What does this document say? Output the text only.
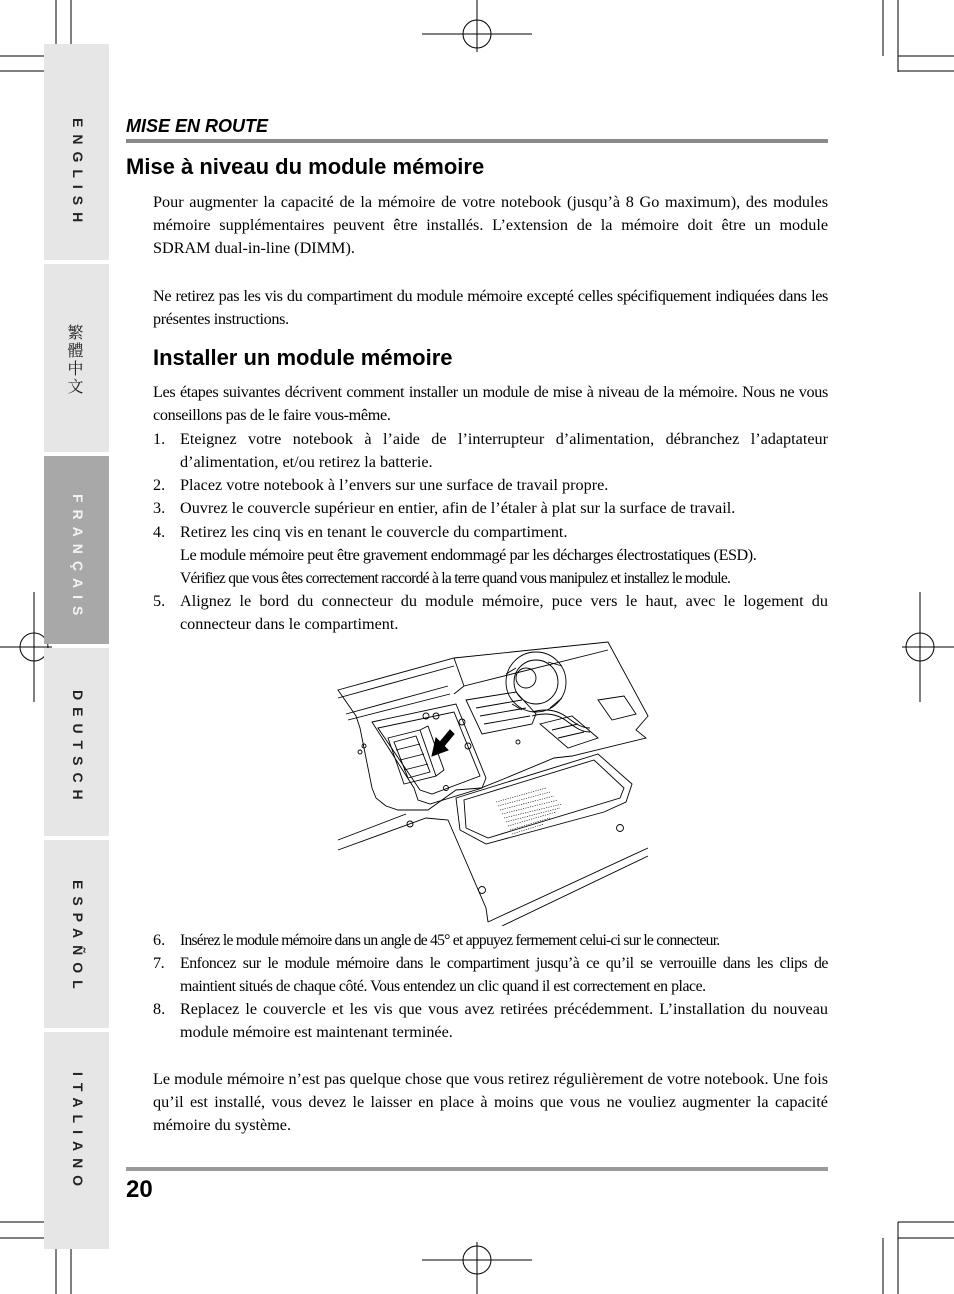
ENGLISH
繁體中文
FRANÇAIS
DEUTSCH
ESPAÑOL
ITALIANO
MISE EN ROUTE
Mise à niveau du module mémoire
Pour augmenter la capacité de la mémoire de votre notebook (jusqu’à 8 Go maximum), des modules mémoire supplémentaires peuvent être installés. L’extension de la mémoire doit être un module SDRAM dual-in-line (DIMM).
Ne retirez pas les vis du compartiment du module mémoire excepté celles spécifiquement indiquées dans les présentes instructions.
Installer un module mémoire
Les étapes suivantes décrivent comment installer un module de mise à niveau de la mémoire. Nous ne vous conseillons pas de le faire vous-même.
1. Eteignez votre notebook à l’aide de l’interrupteur d’alimentation, débranchez l’adaptateur d’alimentation, et/ou retirez la batterie.
2. Placez votre notebook à l’envers sur une surface de travail propre.
3. Ouvrez le couvercle supérieur en entier, afin de l’étaler à plat sur la surface de travail.
4. Retirez les cinq vis en tenant le couvercle du compartiment.
Le module mémoire peut être gravement endommagé par les décharges électrostatiques (ESD).
Vérifiez que vous êtes correctement raccordé à la terre quand vous manipulez et installez le module.
5. Alignez le bord du connecteur du module mémoire, puce vers le haut, avec le logement du connecteur dans le compartiment.
6. Insérez le module mémoire dans un angle de 45° et appuyez fermement celui-ci sur le connecteur.
7. Enfoncez sur le module mémoire dans le compartiment jusqu’à ce qu’il se verrouille dans les clips de maintient situés de chaque côté. Vous entendez un clic quand il est correctement en place.
8. Replacez le couvercle et les vis que vous avez retirées précédemment. L’installation du nouveau module mémoire est maintenant terminée.
Le module mémoire n’est pas quelque chose que vous retirez régulièrement de votre notebook. Une fois qu’il est installé, vous devez le laisser en place à moins que vous ne vouliez augmenter la capacité mémoire du système.
20
